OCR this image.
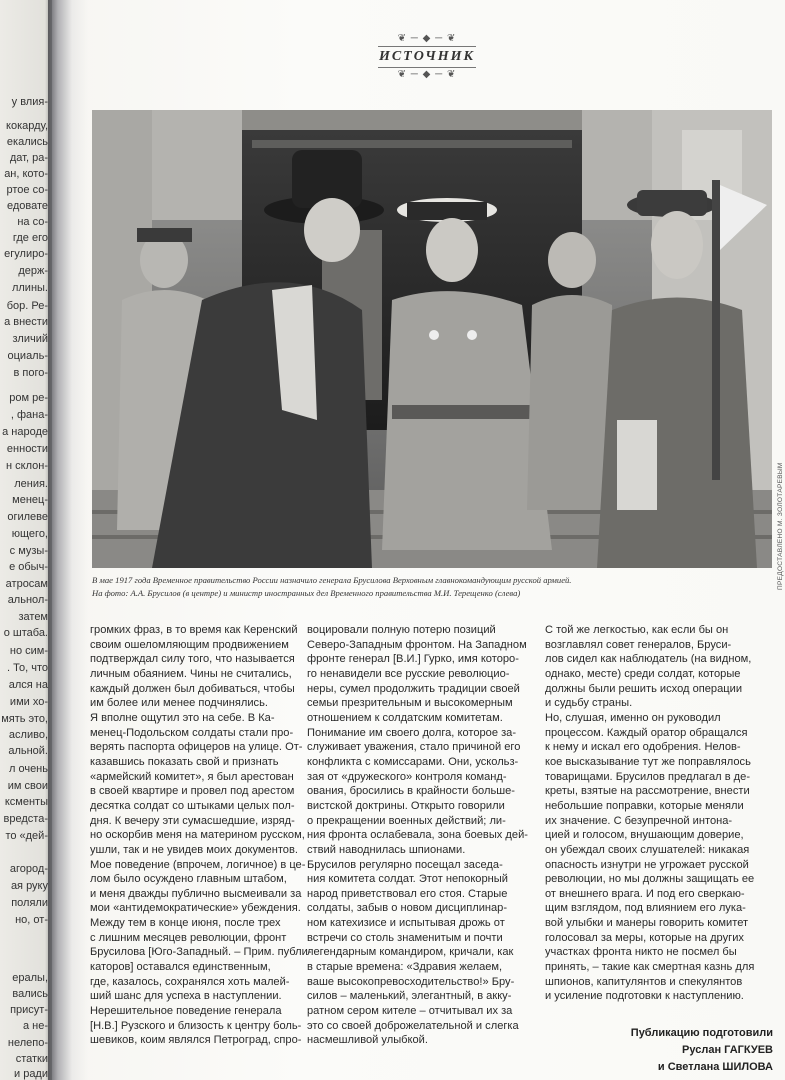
у влия-
кокарду,
екались
дат, ра-
ан, кото-
ртое со-
едовате
на со-
где его
егулиро-
держ-
ллины.
бор. Ре-
а внести
зличий
оциаль-
в пого-
ром ре-
, фана-
а народе
енности
н склон-
ления.
менец-
огилеве
ющего,
с музы-
е обыч-
атросам
альнол-
затем
о штаба.
но сим-
. То, что
ался на
ими хо-
мять это,
асливо,
альной.
л очень
им свои
ксменты
вредста-
то «дей-
агород-
ая руку
поляли
но, от-
ералы,
вались
присут-
а не-
нелепо-
статки
и ради
❦ ─ ◆ ─ ❦
ИСТОЧНИК
❦ ─ ◆ ─ ❦
ПРЕДОСТАВЛЕНО М. ЗОЛОТАРЕВЫМ
В мае 1917 года Временное правительство России назначило генерала Брусилова Верховным главнокомандующим русской армией.
На фото: А.А. Брусилов (в центре) и министр иностранных дел Временного правительства М.И. Терещенко (слева)
громких фраз, в то время как Керенский
своим ошеломляющим продвижением
подтверждал силу того, что называется
личным обаянием. Чины не считались,
каждый должен был добиваться, чтобы
им более или менее подчинялись.
Я вполне ощутил это на себе. В Ка-
менец-Подольском солдаты стали про-
верять паспорта офицеров на улице. От-
казавшись показать свой и признать
«армейский комитет», я был арестован
в своей квартире и провел под арестом
десятка солдат со штыками целых пол-
дня. К вечеру эти сумасшедшие, изряд-
но оскорбив меня на материном русском,
ушли, так и не увидев моих документов.
Мое поведение (впрочем, логичное) в це-
лом было осуждено главным штабом,
и меня дважды публично высмеивали за
мои «антидемократические» убеждения.
Между тем в конце июня, после трех
с лишним месяцев революции, фронт
Брусилова [Юго-Западный. – Прим. публи-
каторов] оставался единственным,
где, казалось, сохранялся хоть малей-
ший шанс для успеха в наступлении.
Нерешительное поведение генерала
[Н.В.] Рузского и близость к центру боль-
шевиков, коим являлся Петроград, спро-
воцировали полную потерю позиций
Северо-Западным фронтом. На Западном
фронте генерал [В.И.] Гурко, имя которо-
го ненавидели все русские революцио-
неры, сумел продолжить традиции своей
семьи презрительным и высокомерным
отношением к солдатским комитетам.
Понимание им своего долга, которое за-
служивает уважения, стало причиной его
конфликта с комиссарами. Они, ускольз-
зая от «дружеского» контроля команд-
ования, бросились в крайности больше-
вистской доктрины. Открыто говорили
о прекращении военных действий; ли-
ния фронта ослабевала, зона боевых дей-
ствий наводнилась шпионами.
Брусилов регулярно посещал заседа-
ния комитета солдат. Этот непокорный
народ приветствовал его стоя. Старые
солдаты, забыв о новом дисциплинар-
ном катехизисе и испытывая дрожь от
встречи со столь знаменитым и почти
легендарным командиром, кричали, как
в старые времена: «Здравия желаем,
ваше высокопревосходительство!» Бру-
силов – маленький, элегантный, в акку-
ратном сером кителе – отчитывал их за
это со своей доброжелательной и слегка
насмешливой улыбкой.
С той же легкостью, как если бы он
возглавлял совет генералов, Бруси-
лов сидел как наблюдатель (на видном,
однако, месте) среди солдат, которые
должны были решить исход операции
и судьбу страны.
Но, слушая, именно он руководил
процессом. Каждый оратор обращался
к нему и искал его одобрения. Нелов-
кое высказывание тут же поправлялось
товарищами. Брусилов предлагал в де-
креты, взятые на рассмотрение, внести
небольшие поправки, которые меняли
их значение. С безупречной интона-
цией и голосом, внушающим доверие,
он убеждал своих слушателей: никакая
опасность изнутри не угрожает русской
революции, но мы должны защищать ее
от внешнего врага. И под его сверкаю-
щим взглядом, под влиянием его лука-
вой улыбки и манеры говорить комитет
голосовал за меры, которые на других
участках фронта никто не посмел бы
принять, – такие как смертная казнь для
шпионов, капитулянтов и спекулянтов
и усиление подготовки к наступлению.
Публикацию подготовили
Руслан ГАГКУЕВ
и Светлана ШИЛОВА
